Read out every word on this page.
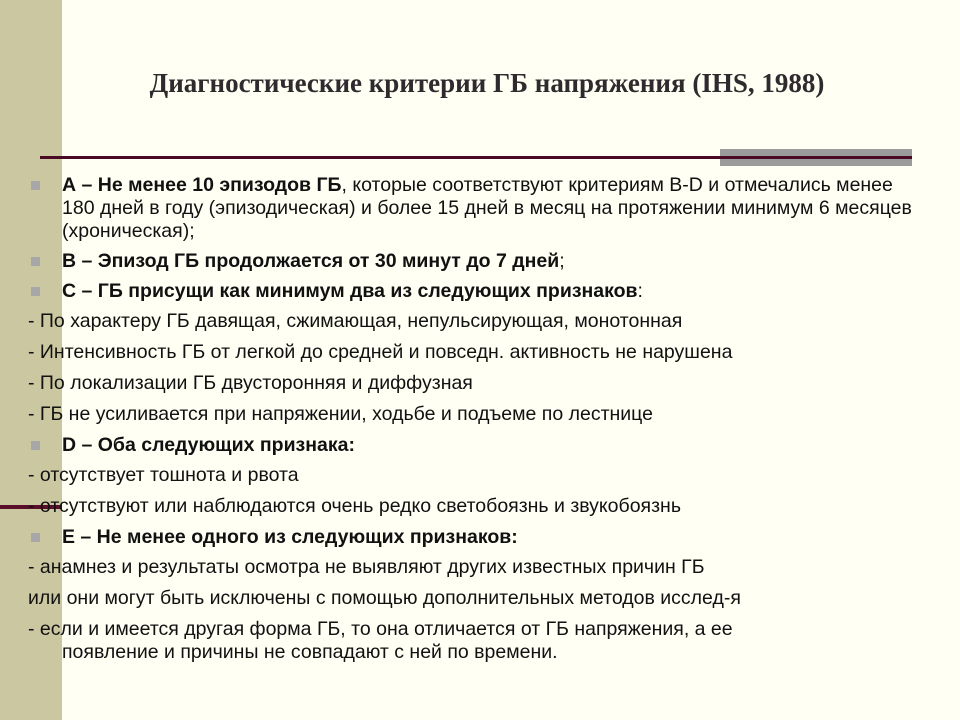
Диагностические критерии ГБ напряжения (IHS, 1988)
А – Не менее 10 эпизодов ГБ, которые соответствуют критериям В-D и отмечались менее 180 дней в году (эпизодическая) и более 15 дней в месяц на протяжении минимум 6 месяцев (хроническая);
В – Эпизод ГБ продолжается от 30 минут до 7 дней;
С – ГБ присущи как минимум два из следующих признаков:
- По характеру ГБ давящая, сжимающая, непульсирующая, монотонная
- Интенсивность ГБ от легкой до средней и повседн. активность не нарушена
- По локализации ГБ двусторонняя и диффузная
- ГБ не усиливается при напряжении, ходьбе и подъеме по лестнице
D – Оба следующих признака:
- отсутствует тошнота и рвота
- отсутствуют или наблюдаются очень редко светобоязнь и звукобоязнь
Е – Не менее одного из следующих признаков:
- анамнез и результаты осмотра не выявляют других известных причин ГБ
или они могут быть исключены с помощью дополнительных методов исслед-я
- если и имеется другая форма ГБ, то она отличается от ГБ напряжения, а ее
появление и причины не совпадают с ней по времени.
